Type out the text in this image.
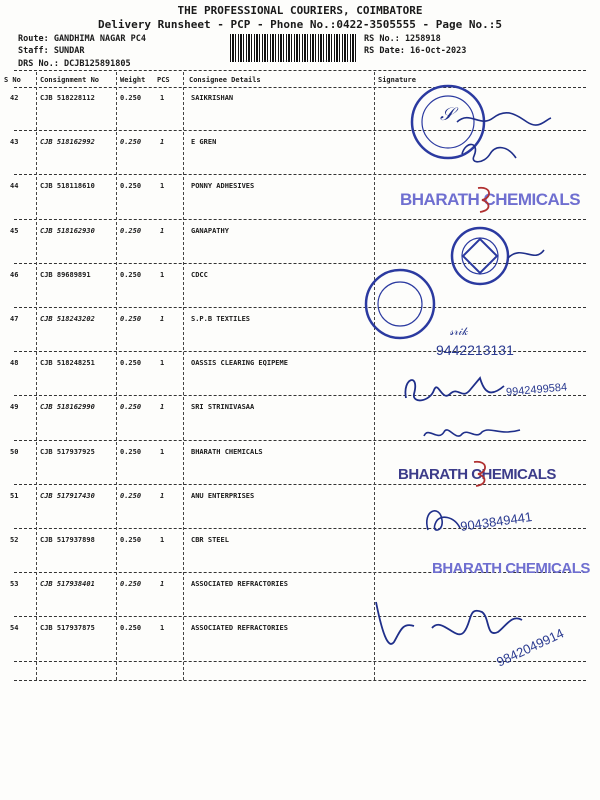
THE PROFESSIONAL COURIERS, COIMBATORE
Delivery Runsheet - PCP - Phone No.:0422-3505555 - Page No.:5
Route: GANDHIMA NAGAR PC4
Staff: SUNDAR
DRS No.: DCJB125891805
RS No.: 1258918
RS Date: 16-Oct-2023
S No	Consignment No	Weight PCS	Consignee Details	Signature
42	CJB 518228112	0.250	1	SAIKRISHAN
43	CJB 518162992	0.250	1	E GREN
44	CJB 518118610	0.250	1	PONNY ADHESIVES
45	CJB 518162930	0.250	1	GANAPATHY
46	CJB 89689891	0.250	1	CDCC
47	CJB 518243202	0.250	1	S.P.B TEXTILES
48	CJB 518248251	0.250	1	OASSIS CLEARING EQIPEME
49	CJB 518162990	0.250	1	SRI STRINIVASAA
50	CJB 517937925	0.250	1	BHARATH CHEMICALS
51	CJB 517917430	0.250	1	ANU ENTERPRISES
52	CJB 517937898	0.250	1	CBR STEEL
53	CJB 517938401	0.250	1	ASSOCIATED REFRACTORIES
54	CJB 517937875	0.250	1	ASSOCIATED REFRACTORIES
𝒮
BHARATH CHEMICALS
𝓈𝓇𝒾𝓀
9442213131
9942499584
BHARATH CHEMICALS
9043849441
BHARATH CHEMICALS
9842049914
